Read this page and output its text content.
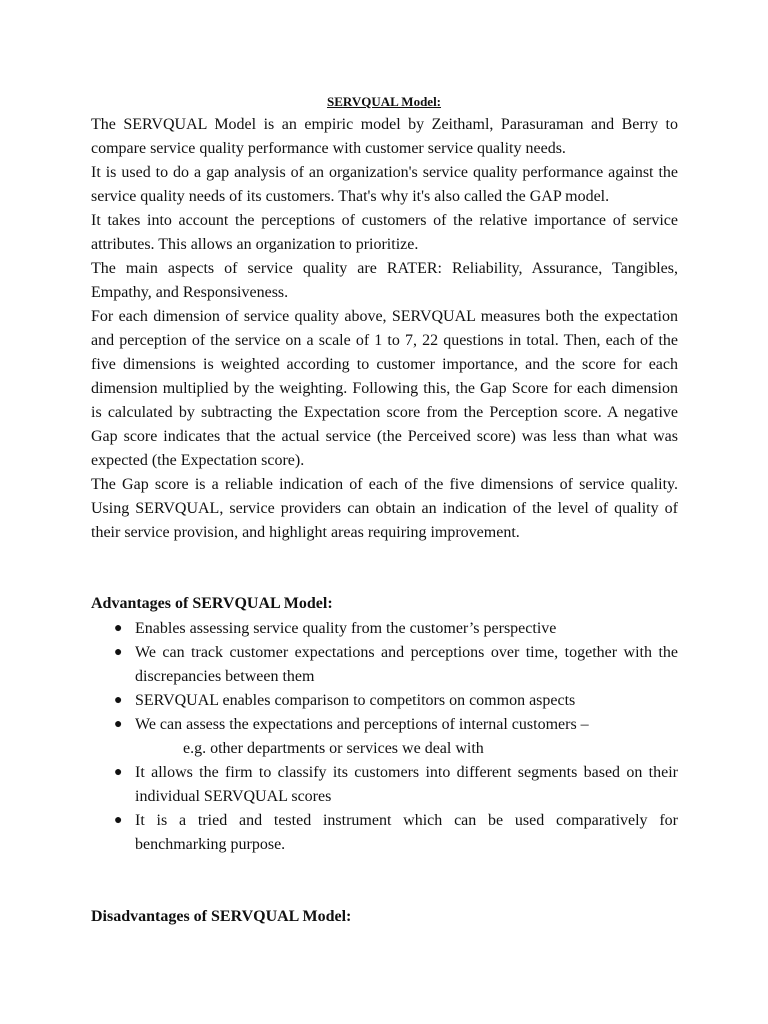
SERVQUAL Model:

The SERVQUAL Model is an empiric model by Zeithaml, Parasuraman and Berry to compare service quality performance with customer service quality needs.

It is used to do a gap analysis of an organization's service quality performance against the service quality needs of its customers. That's why it's also called the GAP model.

It takes into account the perceptions of customers of the relative importance of service attributes. This allows an organization to prioritize.

The main aspects of service quality are RATER: Reliability, Assurance, Tangibles, Empathy, and Responsiveness.

For each dimension of service quality above, SERVQUAL measures both the expectation and perception of the service on a scale of 1 to 7, 22 questions in total. Then, each of the five dimensions is weighted according to customer importance, and the score for each dimension multiplied by the weighting. Following this, the Gap Score for each dimension is calculated by subtracting the Expectation score from the Perception score. A negative Gap score indicates that the actual service (the Perceived score) was less than what was expected (the Expectation score).

The Gap score is a reliable indication of each of the five dimensions of service quality. Using SERVQUAL, service providers can obtain an indication of the level of quality of their service provision, and highlight areas requiring improvement.

Advantages of SERVQUAL Model:
● Enables assessing service quality from the customer’s perspective
● We can track customer expectations and perceptions over time, together with the discrepancies between them
● SERVQUAL enables comparison to competitors on common aspects
● We can assess the expectations and perceptions of internal customers –
e.g. other departments or services we deal with
● It allows the firm to classify its customers into different segments based on their individual SERVQUAL scores
● It is a tried and tested instrument which can be used comparatively for benchmarking purpose.
Disadvantages of SERVQUAL Model:
